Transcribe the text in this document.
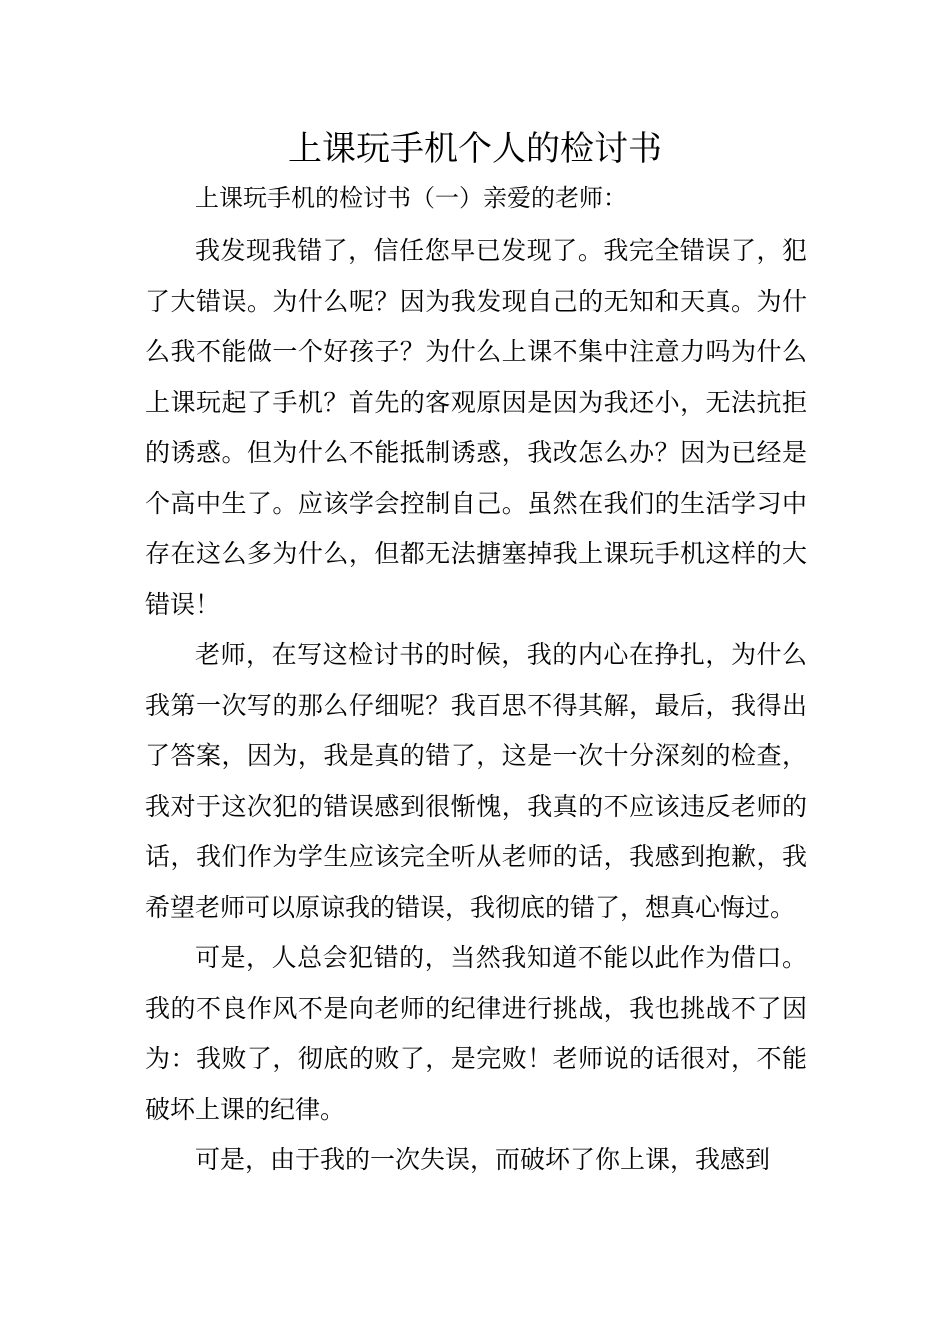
上课玩手机个人的检讨书
上课玩手机的检讨书（一）亲爱的老师：

我发现我错了，信任您早已发现了。我完全错误了，犯了大错误。为什么呢？因为我发现自己的无知和天真。为什么我不能做一个好孩子？为什么上课不集中注意力吗为什么上课玩起了手机？首先的客观原因是因为我还小，无法抗拒的诱惑。但为什么不能抵制诱惑，我改怎么办？因为已经是个高中生了。应该学会控制自己。虽然在我们的生活学习中存在这么多为什么，但都无法搪塞掉我上课玩手机这样的大错误！

老师，在写这检讨书的时候，我的内心在挣扎，为什么我第一次写的那么仔细呢？我百思不得其解，最后，我得出了答案，因为，我是真的错了，这是一次十分深刻的检查，我对于这次犯的错误感到很惭愧，我真的不应该违反老师的话，我们作为学生应该完全听从老师的话，我感到抱歉，我希望老师可以原谅我的错误，我彻底的错了，想真心悔过。

可是，人总会犯错的，当然我知道不能以此作为借口。我的不良作风不是向老师的纪律进行挑战，我也挑战不了因为：我败了，彻底的败了，是完败！老师说的话很对，不能破坏上课的纪律。

可是，由于我的一次失误，而破坏了你上课，我感到
